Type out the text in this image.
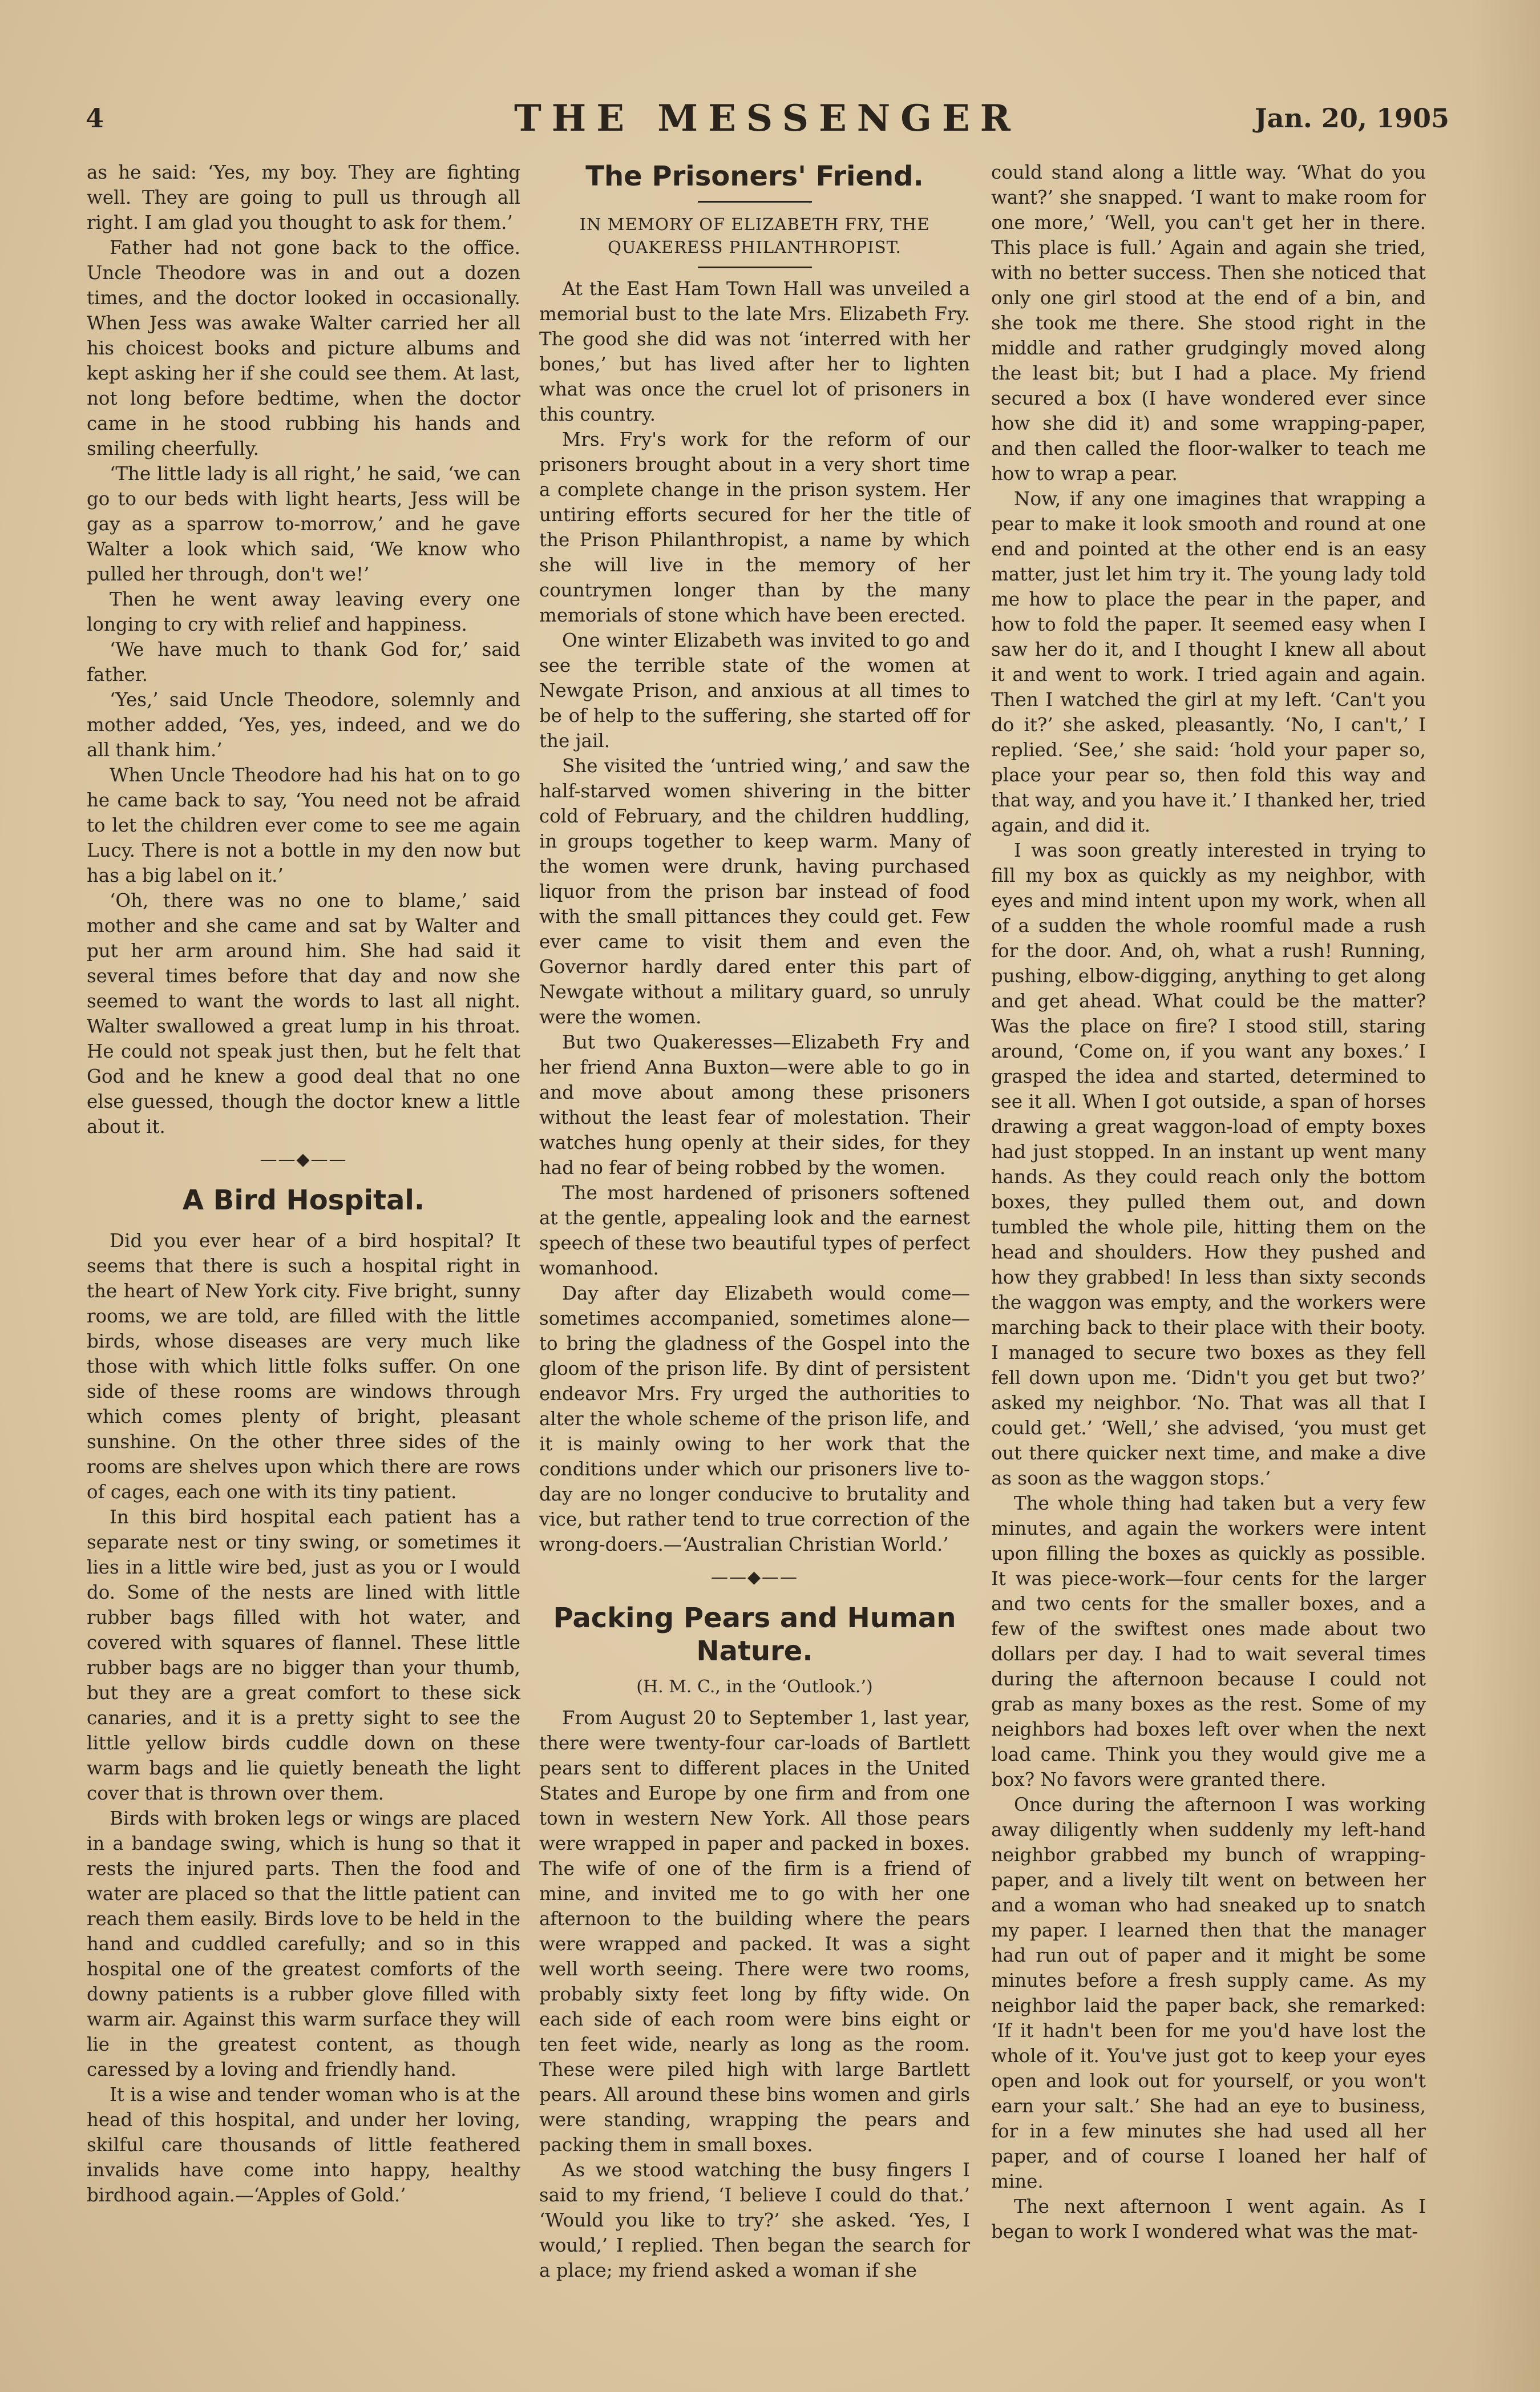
4	THE MESSENGER	Jan. 20, 1905

as he said: ‘Yes, my boy. They are fighting well. They are going to pull us through all right. I am glad you thought to ask for them.’

Father had not gone back to the office. Uncle Theodore was in and out a dozen times, and the doctor looked in occasionally. When Jess was awake Walter carried her all his choicest books and picture albums and kept asking her if she could see them. At last, not long before bedtime, when the doctor came in he stood rubbing his hands and smiling cheerfully.

‘The little lady is all right,’ he said, ‘we can go to our beds with light hearts, Jess will be gay as a sparrow to-morrow,’ and he gave Walter a look which said, ‘We know who pulled her through, don't we!’

Then he went away leaving every one longing to cry with relief and happiness.

‘We have much to thank God for,’ said father.

‘Yes,’ said Uncle Theodore, solemnly and mother added, ‘Yes, yes, indeed, and we do all thank him.’

When Uncle Theodore had his hat on to go he came back to say, ‘You need not be afraid to let the children ever come to see me again Lucy. There is not a bottle in my den now but has a big label on it.’

‘Oh, there was no one to blame,’ said mother and she came and sat by Walter and put her arm around him. She had said it several times before that day and now she seemed to want the words to last all night. Walter swallowed a great lump in his throat. He could not speak just then, but he felt that God and he knew a good deal that no one else guessed, though the doctor knew a little about it.

——◆——
A Bird Hospital.

Did you ever hear of a bird hospital? It seems that there is such a hospital right in the heart of New York city. Five bright, sunny rooms, we are told, are filled with the little birds, whose diseases are very much like those with which little folks suffer. On one side of these rooms are windows through which comes plenty of bright, pleasant sunshine. On the other three sides of the rooms are shelves upon which there are rows of cages, each one with its tiny patient.

In this bird hospital each patient has a separate nest or tiny swing, or sometimes it lies in a little wire bed, just as you or I would do. Some of the nests are lined with little rubber bags filled with hot water, and covered with squares of flannel. These little rubber bags are no bigger than your thumb, but they are a great comfort to these sick canaries, and it is a pretty sight to see the little yellow birds cuddle down on these warm bags and lie quietly beneath the light cover that is thrown over them.

Birds with broken legs or wings are placed in a bandage swing, which is hung so that it rests the injured parts. Then the food and water are placed so that the little patient can reach them easily. Birds love to be held in the hand and cuddled carefully; and so in this hospital one of the greatest comforts of the downy patients is a rubber glove filled with warm air. Against this warm surface they will lie in the greatest content, as though caressed by a loving and friendly hand.

It is a wise and tender woman who is at the head of this hospital, and under her loving, skilful care thousands of little feathered invalids have come into happy, healthy birdhood again.—‘Apples of Gold.’

The Prisoners' Friend.
IN MEMORY OF ELIZABETH FRY, THE QUAKERESS PHILANTHROPIST.

At the East Ham Town Hall was unveiled a memorial bust to the late Mrs. Elizabeth Fry. The good she did was not ‘interred with her bones,’ but has lived after her to lighten what was once the cruel lot of prisoners in this country.

Mrs. Fry's work for the reform of our prisoners brought about in a very short time a complete change in the prison system. Her untiring efforts secured for her the title of the Prison Philanthropist, a name by which she will live in the memory of her countrymen longer than by the many memorials of stone which have been erected.

One winter Elizabeth was invited to go and see the terrible state of the women at Newgate Prison, and anxious at all times to be of help to the suffering, she started off for the jail.

She visited the ‘untried wing,’ and saw the half-starved women shivering in the bitter cold of February, and the children huddling, in groups together to keep warm. Many of the women were drunk, having purchased liquor from the prison bar instead of food with the small pittances they could get. Few ever came to visit them and even the Governor hardly dared enter this part of Newgate without a military guard, so unruly were the women.

But two Quakeresses—Elizabeth Fry and her friend Anna Buxton—were able to go in and move about among these prisoners without the least fear of molestation. Their watches hung openly at their sides, for they had no fear of being robbed by the women.

The most hardened of prisoners softened at the gentle, appealing look and the earnest speech of these two beautiful types of perfect womanhood.

Day after day Elizabeth would come—sometimes accompanied, sometimes alone—to bring the gladness of the Gospel into the gloom of the prison life. By dint of persistent endeavor Mrs. Fry urged the authorities to alter the whole scheme of the prison life, and it is mainly owing to her work that the conditions under which our prisoners live to-day are no longer conducive to brutality and vice, but rather tend to true correction of the wrong-doers.—‘Australian Christian World.’

——◆——
Packing Pears and Human Nature.
(H. M. C., in the ‘Outlook.’)

From August 20 to September 1, last year, there were twenty-four car-loads of Bartlett pears sent to different places in the United States and Europe by one firm and from one town in western New York. All those pears were wrapped in paper and packed in boxes. The wife of one of the firm is a friend of mine, and invited me to go with her one afternoon to the building where the pears were wrapped and packed. It was a sight well worth seeing. There were two rooms, probably sixty feet long by fifty wide. On each side of each room were bins eight or ten feet wide, nearly as long as the room. These were piled high with large Bartlett pears. All around these bins women and girls were standing, wrapping the pears and packing them in small boxes.

As we stood watching the busy fingers I said to my friend, ‘I believe I could do that.’ ‘Would you like to try?’ she asked. ‘Yes, I would,’ I replied. Then began the search for a place; my friend asked a woman if she

could stand along a little way. ‘What do you want?’ she snapped. ‘I want to make room for one more,’ ‘Well, you can't get her in there. This place is full.’ Again and again she tried, with no better success. Then she noticed that only one girl stood at the end of a bin, and she took me there. She stood right in the middle and rather grudgingly moved along the least bit; but I had a place. My friend secured a box (I have wondered ever since how she did it) and some wrapping-paper, and then called the floor-walker to teach me how to wrap a pear.

Now, if any one imagines that wrapping a pear to make it look smooth and round at one end and pointed at the other end is an easy matter, just let him try it. The young lady told me how to place the pear in the paper, and how to fold the paper. It seemed easy when I saw her do it, and I thought I knew all about it and went to work. I tried again and again. Then I watched the girl at my left. ‘Can't you do it?’ she asked, pleasantly. ‘No, I can't,’ I replied. ‘See,’ she said: ‘hold your paper so, place your pear so, then fold this way and that way, and you have it.’ I thanked her, tried again, and did it.

I was soon greatly interested in trying to fill my box as quickly as my neighbor, with eyes and mind intent upon my work, when all of a sudden the whole roomful made a rush for the door. And, oh, what a rush! Running, pushing, elbow-digging, anything to get along and get ahead. What could be the matter? Was the place on fire? I stood still, staring around, ‘Come on, if you want any boxes.’ I grasped the idea and started, determined to see it all. When I got outside, a span of horses drawing a great waggon-load of empty boxes had just stopped. In an instant up went many hands. As they could reach only the bottom boxes, they pulled them out, and down tumbled the whole pile, hitting them on the head and shoulders. How they pushed and how they grabbed! In less than sixty seconds the waggon was empty, and the workers were marching back to their place with their booty. I managed to secure two boxes as they fell fell down upon me. ‘Didn't you get but two?’ asked my neighbor. ‘No. That was all that I could get.’ ‘Well,’ she advised, ‘you must get out there quicker next time, and make a dive as soon as the waggon stops.’

The whole thing had taken but a very few minutes, and again the workers were intent upon filling the boxes as quickly as possible. It was piece-work—four cents for the larger and two cents for the smaller boxes, and a few of the swiftest ones made about two dollars per day. I had to wait several times during the afternoon because I could not grab as many boxes as the rest. Some of my neighbors had boxes left over when the next load came. Think you they would give me a box? No favors were granted there.

Once during the afternoon I was working away diligently when suddenly my left-hand neighbor grabbed my bunch of wrapping-paper, and a lively tilt went on between her and a woman who had sneaked up to snatch my paper. I learned then that the manager had run out of paper and it might be some minutes before a fresh supply came. As my neighbor laid the paper back, she remarked: ‘If it hadn't been for me you'd have lost the whole of it. You've just got to keep your eyes open and look out for yourself, or you won't earn your salt.’ She had an eye to business, for in a few minutes she had used all her paper, and of course I loaned her half of mine.

The next afternoon I went again. As I began to work I wondered what was the mat-
